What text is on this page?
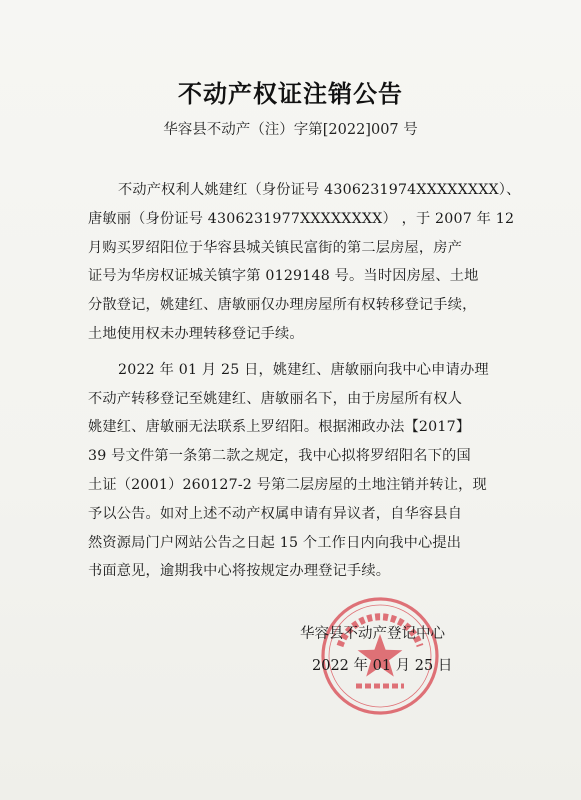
不动产权证注销公告
华容县不动产（注）字第[2022]007 号
不动产权利人姚建红（身份证号 4306231974XXXXXXXX）、
唐敏丽（身份证号 4306231977XXXXXXXX） ，于 2007 年 12
月购买罗绍阳位于华容县城关镇民富街的第二层房屋，房产
证号为华房权证城关镇字第 0129148 号。当时因房屋、土地
分散登记，姚建红、唐敏丽仅办理房屋所有权转移登记手续，
土地使用权未办理转移登记手续。
2022 年 01 月 25 日，姚建红、唐敏丽向我中心申请办理
不动产转移登记至姚建红、唐敏丽名下，由于房屋所有权人
姚建红、唐敏丽无法联系上罗绍阳。根据湘政办法【2017】
39 号文件第一条第二款之规定，我中心拟将罗绍阳名下的国
土证（2001）260127-2 号第二层房屋的土地注销并转让，现
予以公告。如对上述不动产权属申请有异议者，自华容县自
然资源局门户网站公告之日起 15 个工作日内向我中心提出
书面意见，逾期我中心将按规定办理登记手续。
华容县不动产登记中心
2022 年 01 月 25 日
